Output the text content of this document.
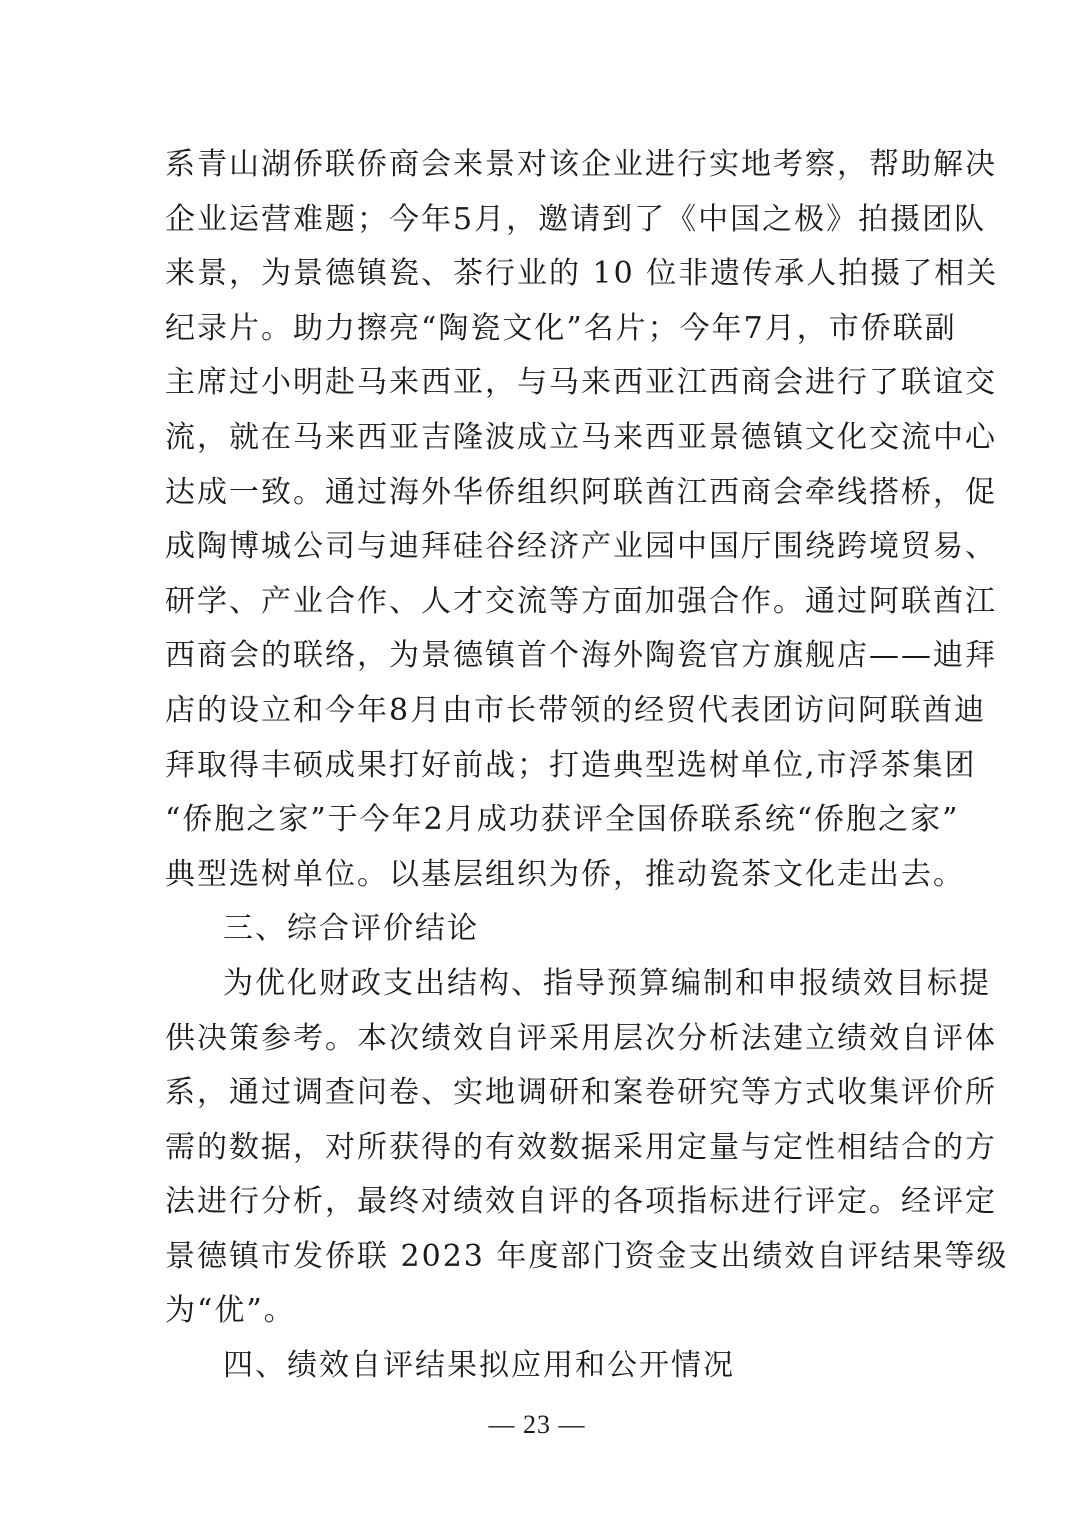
系青山湖侨联侨商会来景对该企业进行实地考察，帮助解决
企业运营难题；今年5月，邀请到了《中国之极》拍摄团队
来景，为景德镇瓷、茶行业的 10 位非遗传承人拍摄了相关
纪录片。助力擦亮“陶瓷文化”名片；今年7月，市侨联副
主席过小明赴马来西亚，与马来西亚江西商会进行了联谊交
流，就在马来西亚吉隆波成立马来西亚景德镇文化交流中心
达成一致。通过海外华侨组织阿联酋江西商会牵线搭桥，促
成陶博城公司与迪拜硅谷经济产业园中国厅围绕跨境贸易、
研学、产业合作、人才交流等方面加强合作。通过阿联酋江
西商会的联络，为景德镇首个海外陶瓷官方旗舰店——迪拜
店的设立和今年8月由市长带领的经贸代表团访问阿联酋迪
拜取得丰硕成果打好前战；打造典型选树单位,市浮茶集团
“侨胞之家”于今年2月成功获评全国侨联系统“侨胞之家”
典型选树单位。以基层组织为侨，推动瓷茶文化走出去。
三、综合评价结论
为优化财政支出结构、指导预算编制和申报绩效目标提
供决策参考。本次绩效自评采用层次分析法建立绩效自评体
系，通过调查问卷、实地调研和案卷研究等方式收集评价所
需的数据，对所获得的有效数据采用定量与定性相结合的方
法进行分析，最终对绩效自评的各项指标进行评定。经评定
景德镇市发侨联 2023 年度部门资金支出绩效自评结果等级
为“优”。
四、绩效自评结果拟应用和公开情况
— 23 —
